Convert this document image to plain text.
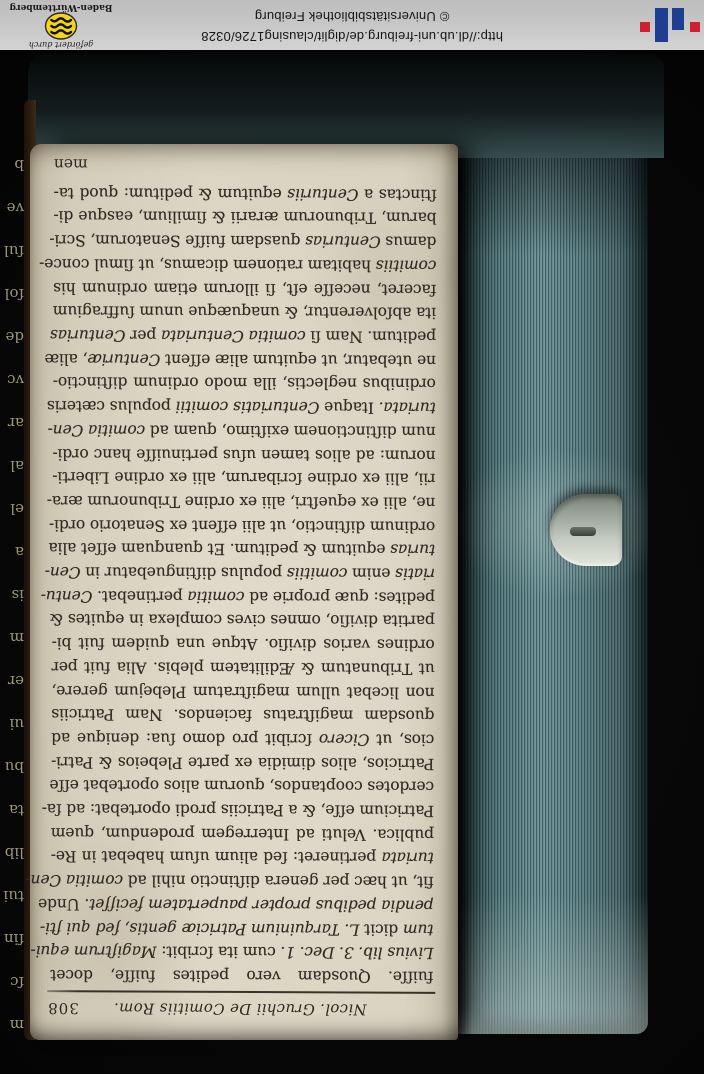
Nicol. Gruchii De Comitiis Rom.
308
fuiſſe. Quosdam vero pedites fuiſſe, docet
Livius lib. 3. Dec. 1. cum ita ſcribit: Magiſtrum equi-
tum dicit L. Tarquinium Patriciæ gentis, ſed qui ſti-
pendia pedibus propter paupertatem feciſſet. Unde
fit, ut hæc per genera diſtinctio nihil ad comitia Cen-
turiata pertineret: ſed alium uſum habebat in Re-
publica. Veluti ad Interregem prodendum, quem
Patricium eſſe, & a Patriciis prodi oportebat: ad ſa-
cerdotes cooptandos, quorum alios oportebat eſſe
Patricios, alios dimidia ex parte Plebeios & Patri-
cios, ut Cicero ſcribit pro domo ſua: denique ad
quosdam magiſtratus faciendos. Nam Patriciis
non licebat ullum magiſtratum Plebejum gerere,
ut Tribunatum & Ædilitatem plebis. Alia fuit per
ordines varios diviſio. Atque una quidem fuit bi-
partita diviſio, omnes cives complexa in equites &
pedites: quæ proprie ad comitia pertinebat. Centu-
riatis enim comitiis populus diſtinguebatur in Cen-
turias equitum & peditum. Et quanquam eſſet alia
ordinum diſtinctio, ut alii eſſent ex Senatorio ordi-
ne, alii ex equeſtri, alii ex ordine Tribunorum æra-
rii, alii ex ordine ſcribarum, alii ex ordine Liberti-
norum: ad alios tamen uſus pertinuiſſe hanc ordi-
num diſtinctionem exiſtimo, quam ad comitia Cen-
turiata. Itaque Centuriatis comitii populus cæteris
ordinibus neglectis, illa modo ordinum diſtinctio-
ne utebatur, ut equitum aliæ eſſent Centuriæ, aliæ
peditum. Nam ſi comitia Centuriata per Centurias
ita abſolverentur, & unaquæque unum ſuffragium
faceret, neceſſe eſt, ſi illorum etiam ordinum his
comitiis habitam rationem dicamus, ut ſimul conce-
damus Centurias quasdam fuiſſe Senatorum, Scri-
barum, Tribunorum ærarii & ſimilium, easque di-
ſtinctas a Centuriis equitum & peditum: quod ta-
men
m
ſc
ſin
tui
lib
ta
bu
ui
er
m
is
a
el
al
ar
vc
de
ſol
ſul
ve
b
http://dl.ub.uni-freiburg.de/diglit/clausing1726/0328
© Universitätsbibliothek Freiburg
gefördert durch
Baden-Württemberg
